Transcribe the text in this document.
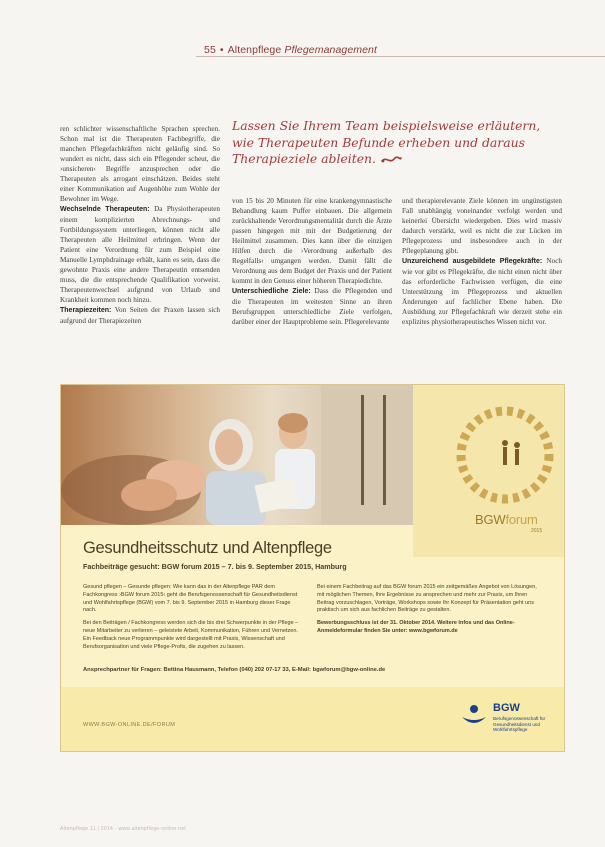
55 • Altenpflege Pflegemanagement
Lassen Sie Ihrem Team beispielsweise erläutern, wie Therapeuten Befunde erheben und daraus Therapieziele ableiten.

ren schlichter wissenschaftliche Sprachen sprechen. Schon mal ist die Therapeuten Fachbegriffe, die manchen Pflegefachkräften nicht geläufig sind. So wundert es nicht, dass sich ein Pflegender scheut, die ›unsicheren‹ Begriffe anzusprechen oder die Therapeuten als arrogant einschätzen. Beides steht einer Kommunikation auf Augenhöhe zum Wohle der Bewohner im Wege.

Wechselnde Therapeuten: Da Physiotherapeuten einem komplizierten Abrechnungs- und Fortbildungssystem unterliegen, können nicht alle Therapeuten alle Heilmittel erbringen. Wenn der Patient eine Verordnung für zum Beispiel eine Manuelle Lymphdrainage erhält, kann es sein, dass die gewohnte Praxis eine andere Therapeutin entsenden muss, die die entsprechende Qualifikation vorweist. Therapeutenwechsel aufgrund von Urlaub und Krankheit kommen noch hinzu.

Therapiezeiten: Von Seiten der Praxen lassen sich aufgrund der Therapiezeiten

von 15 bis 20 Minuten für eine krankengymnastische Behandlung kaum Puffer einbauen. Die allgemein zurückhaltende Verordnungsmentalität durch die Ärzte passen hingegen mit mit der Budgetierung der Heilmittel zusammen. Dies kann über die einzigen Hilfen durch die ›Verordnung außerhalb des Regelfalls‹ umgangen werden. Damit fällt die Verordnung aus dem Budget der Praxis und der Patient kommt in den Genuss einer höheren Therapiedichte.

Unterschiedliche Ziele: Dass die Pflegenden und die Therapeuten im weitesten Sinne an ihren Berufsgruppen unterschiedliche Ziele verfolgen, darüber einer der Hauptprobleme sein. Pflegerelevante

und therapierelevante Ziele können im ungünstigsten Fall unabhängig voneinander verfolgt werden und keinerlei Übersicht wiedergeben. Dies wird massiv dadurch verstärkt, weil es nicht die zur Lücken im Pflegeprozess und insbesondere auch in der Pflegeplanung gibt.

Unzureichend ausgebildete Pflegekräfte: Noch wie vor gibt es Pflegekräfte, die nicht einen nicht über das erforderliche Fachwissen verfügen, die eine Unterstützung im Pflegeprozess und aktuellen Änderungen auf fachlicher Ebene haben. Die Ausbildung zur Pflegefachkraft wie derzeit stehe ein explizites physiotherapeutisches Wissen nicht vor.

BGWforum
2015
Gesundheitsschutz und Altenpflege
Fachbeiträge gesucht: BGW forum 2015 – 7. bis 9. September 2015, Hamburg

Gesund pflegen – Gesunde pflegen: Wie kann das in der Altenpflege PAR dem Fachkongress ›BGW forum 2015‹ geht die Berufsgenossenschaft für Gesundheitsdienst und Wohlfahrtspflege (BGW) vom 7. bis 9. September 2015 in Hamburg dieser Frage nach.

Bei den Beiträgen / Fachkongress werden sich die bis drei Schwerpunkte in der Pflege – neue Mitarbeiter zu verlieren – geleistete Arbeit, Kommunikation, Führen und Vernetzen. Ein Feedback neue Programmpunkte wird dargestellt mit Praxis, Wissenschaft und Berufsorganisation und viele Pflege-Profis, die zugehen zu lassen.

Bei einem Fachbeitrag auf das BGW forum 2015 ein zeitgemäßes Angebot von Lösungen, mit möglichen Themen, Ihre Ergebnisse zu ansprechen und mehr zur Praxis, um Ihren Beitrag vorzuschlagen, Vorträge, Workshops sowie Ihr Konzept für Präsentation geht uns praktisch um sich aus fachlichen Beiträge zu gestalten.

Bewerbungsschluss ist der 31. Oktober 2014. Weitere Infos und das Online-Anmeldeformular finden Sie unter: www.bgwforum.de

Ansprechpartner für Fragen: Bettina Hausmann, Telefon (040) 202 07-17 33, E-Mail: bgwforum@bgw-online.de
WWW.BGW-ONLINE.DE/FORUM
BGW
Berufsgenossenschaft für Gesundheitsdienst und Wohlfahrtspflege
Altenpflege 11 | 2014 · www.altenpflege-online.net
